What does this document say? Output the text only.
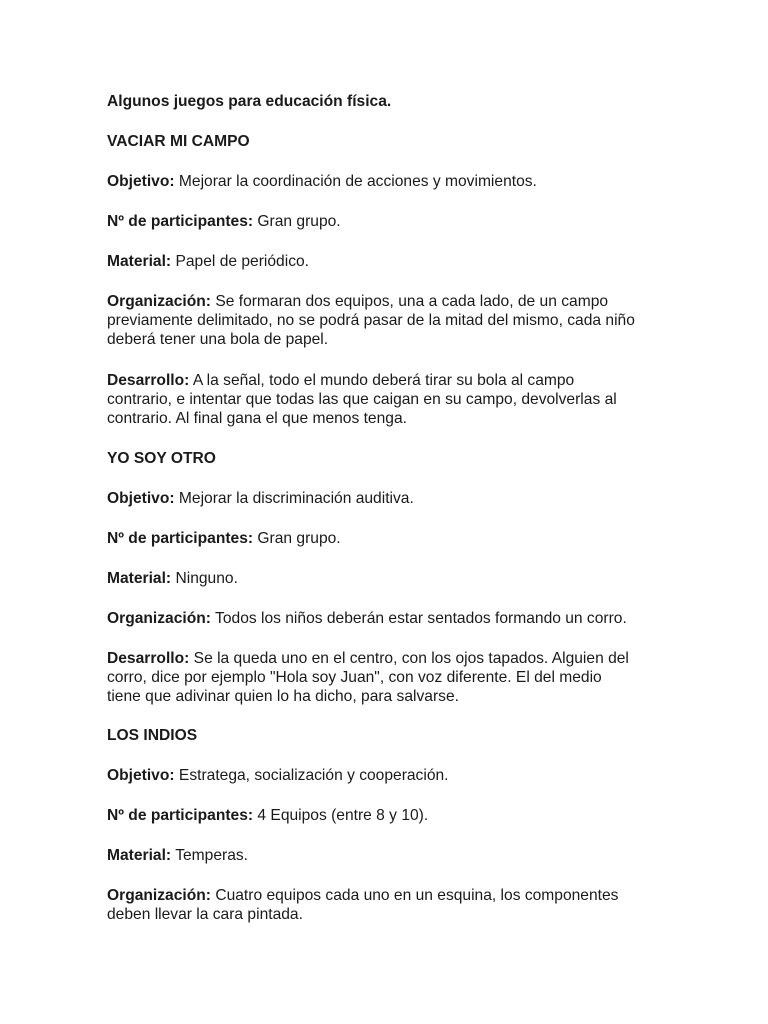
Algunos juegos para educación física.

VACIAR MI CAMPO

Objetivo: Mejorar la coordinación de acciones y movimientos.

Nº de participantes: Gran grupo.

Material: Papel de periódico.

Organización: Se formaran dos equipos, una a cada lado, de un campo

previamente delimitado, no se podrá pasar de la mitad del mismo, cada niño

deberá tener una bola de papel.

Desarrollo: A la señal, todo el mundo deberá tirar su bola al campo

contrario, e intentar que todas las que caigan en su campo, devolverlas al

contrario. Al final gana el que menos tenga.

YO SOY OTRO

Objetivo: Mejorar la discriminación auditiva.

Nº de participantes: Gran grupo.

Material: Ninguno.

Organización: Todos los niños deberán estar sentados formando un corro.

Desarrollo: Se la queda uno en el centro, con los ojos tapados. Alguien del

corro, dice por ejemplo "Hola soy Juan", con voz diferente. El del medio

tiene que adivinar quien lo ha dicho, para salvarse.

LOS INDIOS

Objetivo: Estratega, socialización y cooperación.

Nº de participantes: 4 Equipos (entre 8 y 10).

Material: Temperas.

Organización: Cuatro equipos cada uno en un esquina, los componentes

deben llevar la cara pintada.
